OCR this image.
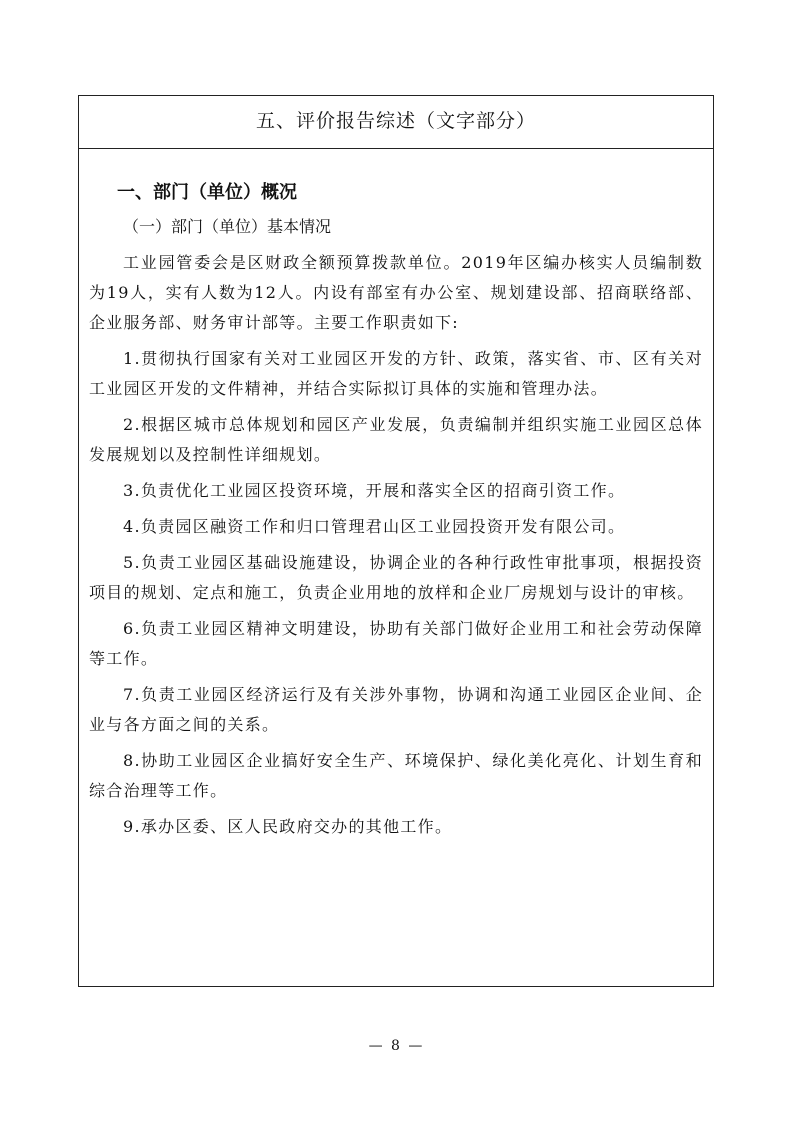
五、评价报告综述（文字部分）
一、部门（单位）概况
（一）部门（单位）基本情况

工业园管委会是区财政全额预算拨款单位。2019年区编办核实人员编制数为19人，实有人数为12人。内设有部室有办公室、规划建设部、招商联络部、企业服务部、财务审计部等。主要工作职责如下:

1.贯彻执行国家有关对工业园区开发的方针、政策，落实省、市、区有关对工业园区开发的文件精神，并结合实际拟订具体的实施和管理办法。

2.根据区城市总体规划和园区产业发展，负责编制并组织实施工业园区总体发展规划以及控制性详细规划。

3.负责优化工业园区投资环境，开展和落实全区的招商引资工作。

4.负责园区融资工作和归口管理君山区工业园投资开发有限公司。

5.负责工业园区基础设施建设，协调企业的各种行政性审批事项，根据投资项目的规划、定点和施工，负责企业用地的放样和企业厂房规划与设计的审核。

6.负责工业园区精神文明建设，协助有关部门做好企业用工和社会劳动保障等工作。

7.负责工业园区经济运行及有关涉外事物，协调和沟通工业园区企业间、企业与各方面之间的关系。

8.协助工业园区企业搞好安全生产、环境保护、绿化美化亮化、计划生育和综合治理等工作。

9.承办区委、区人民政府交办的其他工作。

— 8 —
